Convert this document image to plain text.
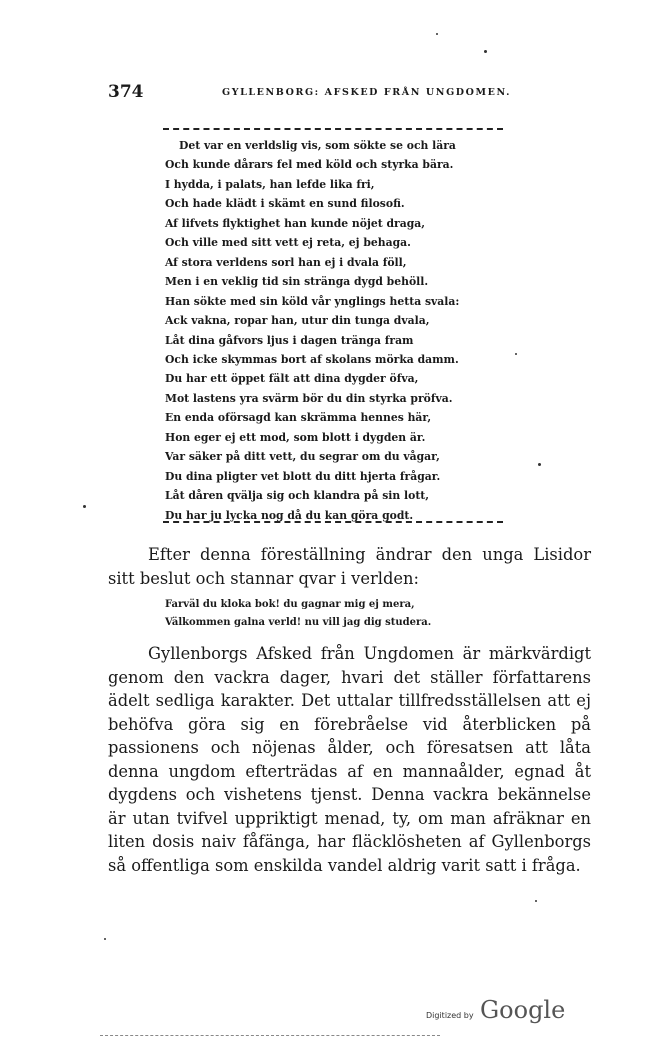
374	GYLLENBORG: AFSKED FRÅN UNGDOMEN.
Det var en verldslig vis, som sökte se och lära
Och kunde dårars fel med köld och styrka bära.
I hydda, i palats, han lefde lika fri,
Och hade klädt i skämt en sund filosofi.
Af lifvets flyktighet han kunde nöjet draga,
Och ville med sitt vett ej reta, ej behaga.
Af stora verldens sorl han ej i dvala föll,
Men i en veklig tid sin stränga dygd behöll.
Han sökte med sin köld vår ynglings hetta svala:
Ack vakna, ropar han, utur din tunga dvala,
Låt dina gåfvors ljus i dagen tränga fram
Och icke skymmas bort af skolans mörka damm.
Du har ett öppet fält att dina dygder öfva,
Mot lastens yra svärm bör du din styrka pröfva.
En enda oförsagd kan skrämma hennes här,
Hon eger ej ett mod, som blott i dygden är.
Var säker på ditt vett, du segrar om du vågar,
Du dina pligter vet blott du ditt hjerta frågar.
Låt dåren qvälja sig och klandra på sin lott,
Du har ju lycka nog då du kan göra godt.

Efter denna föreställning ändrar den unga Lisidor sitt beslut och stannar qvar i verlden:

Farväl du kloka bok! du gagnar mig ej mera,
Välkommen galna verld! nu vill jag dig studera.

Gyllenborgs Afsked från Ungdomen är märkvärdigt genom den vackra dager, hvari det ställer författarens ädelt sedliga karakter. Det uttalar tillfredsställelsen att ej behöfva göra sig en förebråelse vid återblicken på passionens och nöjenas ålder, och föresatsen att låta denna ungdom efterträdas af en mannaålder, egnad åt dygdens och vishetens tjenst. Denna vackra bekännelse är utan tvifvel uppriktigt menad, ty, om man afräknar en liten dosis naiv fåfänga, har fläcklösheten af Gyllenborgs så offentliga som enskilda vandel aldrig varit satt i fråga.

Digitized by Google
